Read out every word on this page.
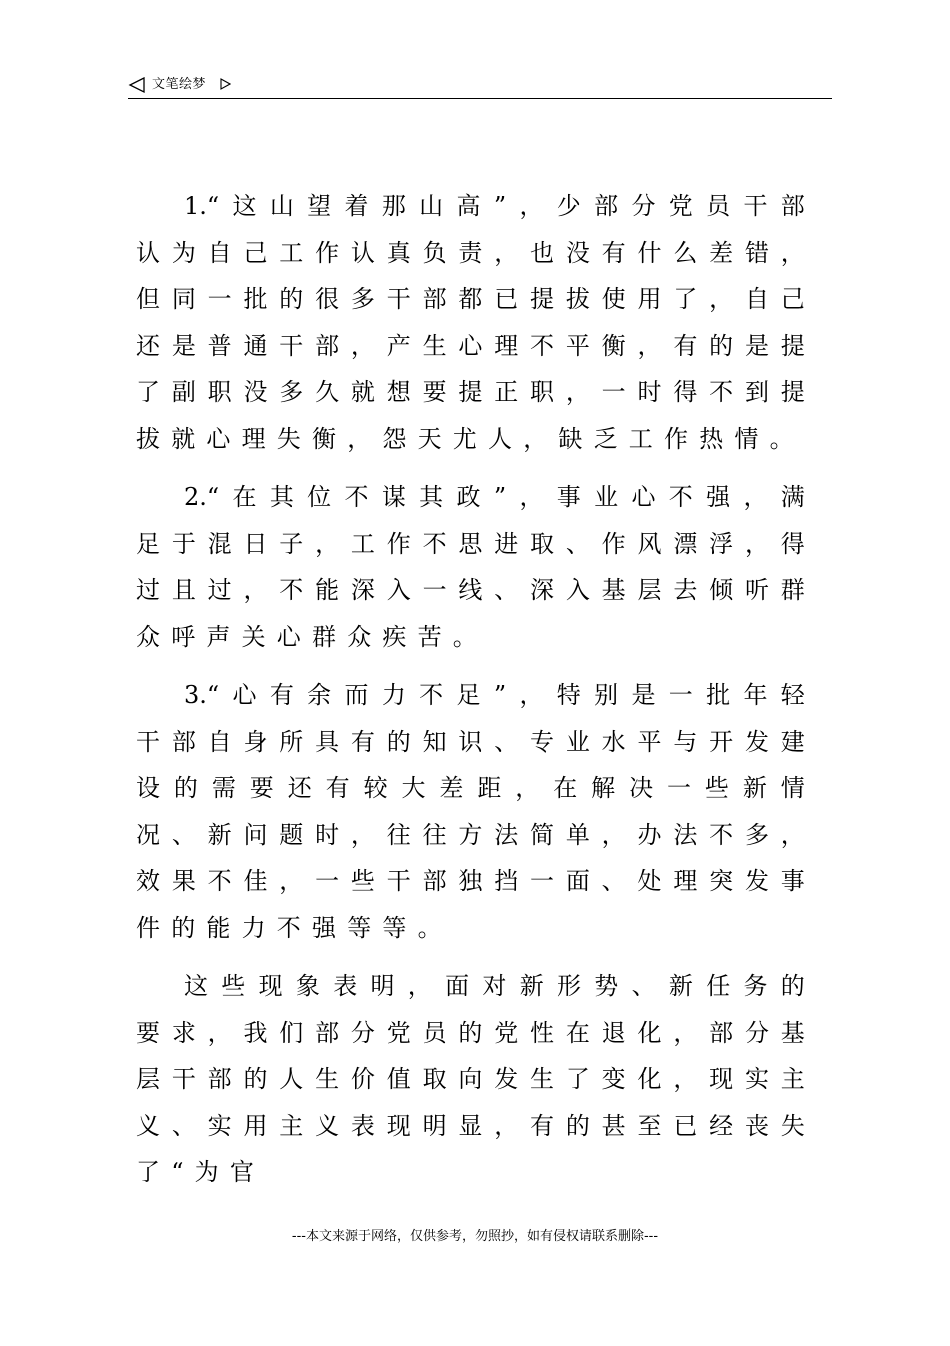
文笔绘梦

1.“这山望着那山高”，少部分党员干部认为自己工作认真负责，也没有什么差错，但同一批的很多干部都已提拔使用了，自己还是普通干部，产生心理不平衡，有的是提了副职没多久就想要提正职，一时得不到提拔就心理失衡，怨天尤人，缺乏工作热情。

2.“在其位不谋其政”，事业心不强，满足于混日子，工作不思进取、作风漂浮，得过且过，不能深入一线、深入基层去倾听群众呼声关心群众疾苦。

3.“心有余而力不足”，特别是一批年轻干部自身所具有的知识、专业水平与开发建设的需要还有较大差距，在解决一些新情况、新问题时，往往方法简单，办法不多，效果不佳，一些干部独挡一面、处理突发事件的能力不强等等。

这些现象表明，面对新形势、新任务的要求，我们部分党员的党性在退化，部分基层干部的人生价值取向发生了变化，现实主义、实用主义表现明显，有的甚至已经丧失了“为官

---本文来源于网络，仅供参考，勿照抄，如有侵权请联系删除---
